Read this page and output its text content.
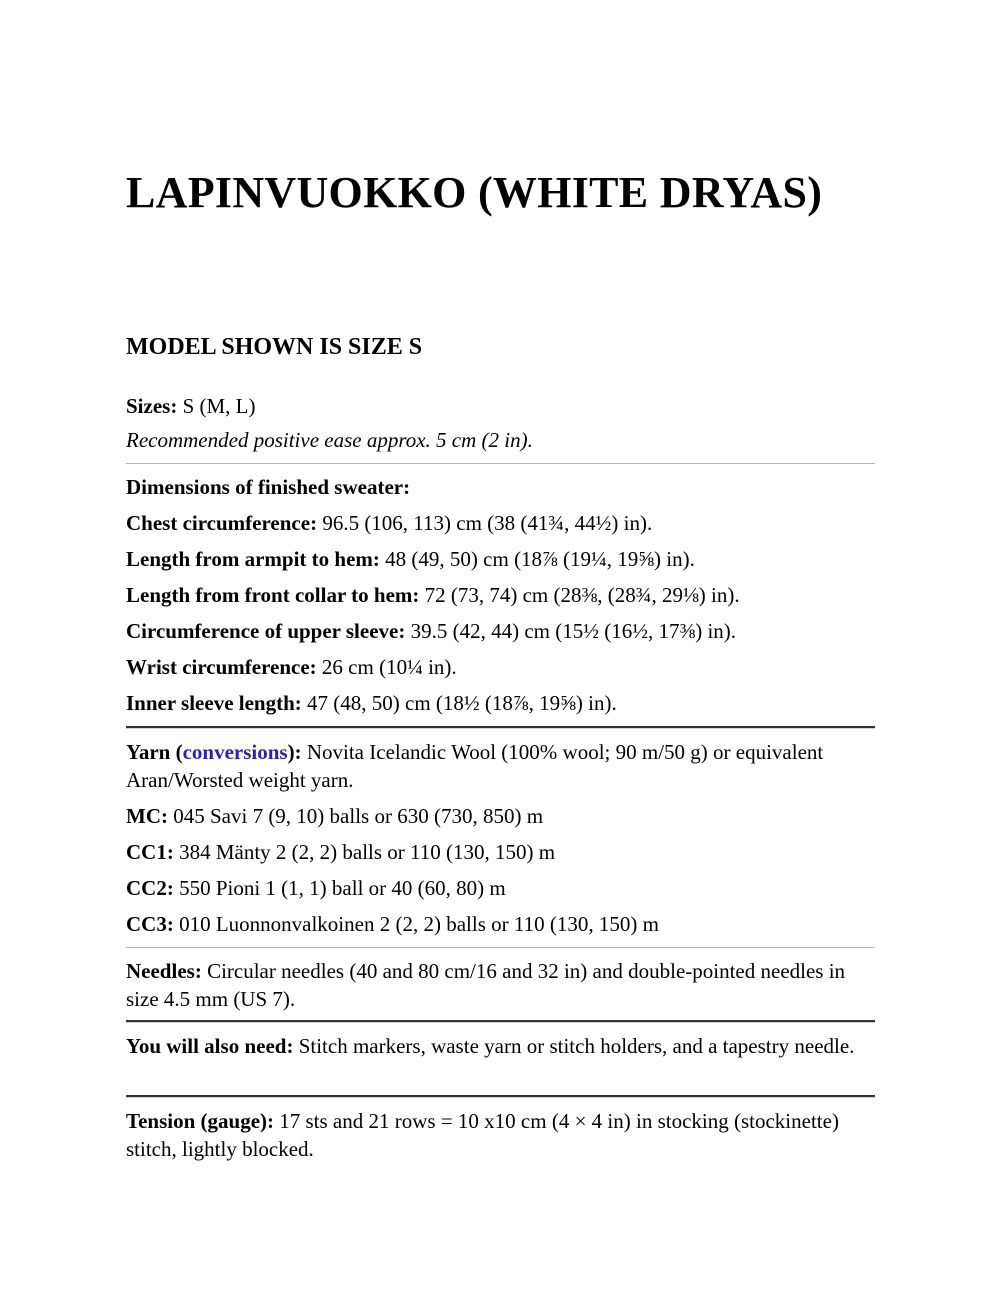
LAPINVUOKKO (WHITE DRYAS)
MODEL SHOWN IS SIZE S

Sizes: S (M, L)

Recommended positive ease approx. 5 cm (2 in).

Dimensions of finished sweater:

Chest circumference: 96.5 (106, 113) cm (38 (41¾, 44½) in).

Length from armpit to hem: 48 (49, 50) cm (18⅞ (19¼, 19⅝) in).

Length from front collar to hem: 72 (73, 74) cm (28⅜, (28¾, 29⅛) in).

Circumference of upper sleeve: 39.5 (42, 44) cm (15½ (16½, 17⅜) in).

Wrist circumference: 26 cm (10¼ in).

Inner sleeve length: 47 (48, 50) cm (18½ (18⅞, 19⅝) in).

Yarn (conversions): Novita Icelandic Wool (100% wool; 90 m/50 g) or equivalent Aran/Worsted weight yarn.

MC: 045 Savi 7 (9, 10) balls or 630 (730, 850) m

CC1: 384 Mänty 2 (2, 2) balls or 110 (130, 150) m

CC2: 550 Pioni 1 (1, 1) ball or 40 (60, 80) m

CC3: 010 Luonnonvalkoinen 2 (2, 2) balls or 110 (130, 150) m

Needles: Circular needles (40 and 80 cm/16 and 32 in) and double-pointed needles in size 4.5 mm (US 7).

You will also need: Stitch markers, waste yarn or stitch holders, and a tapestry needle.

Tension (gauge): 17 sts and 21 rows = 10 x10 cm (4 × 4 in) in stocking (stockinette) stitch, lightly blocked.
